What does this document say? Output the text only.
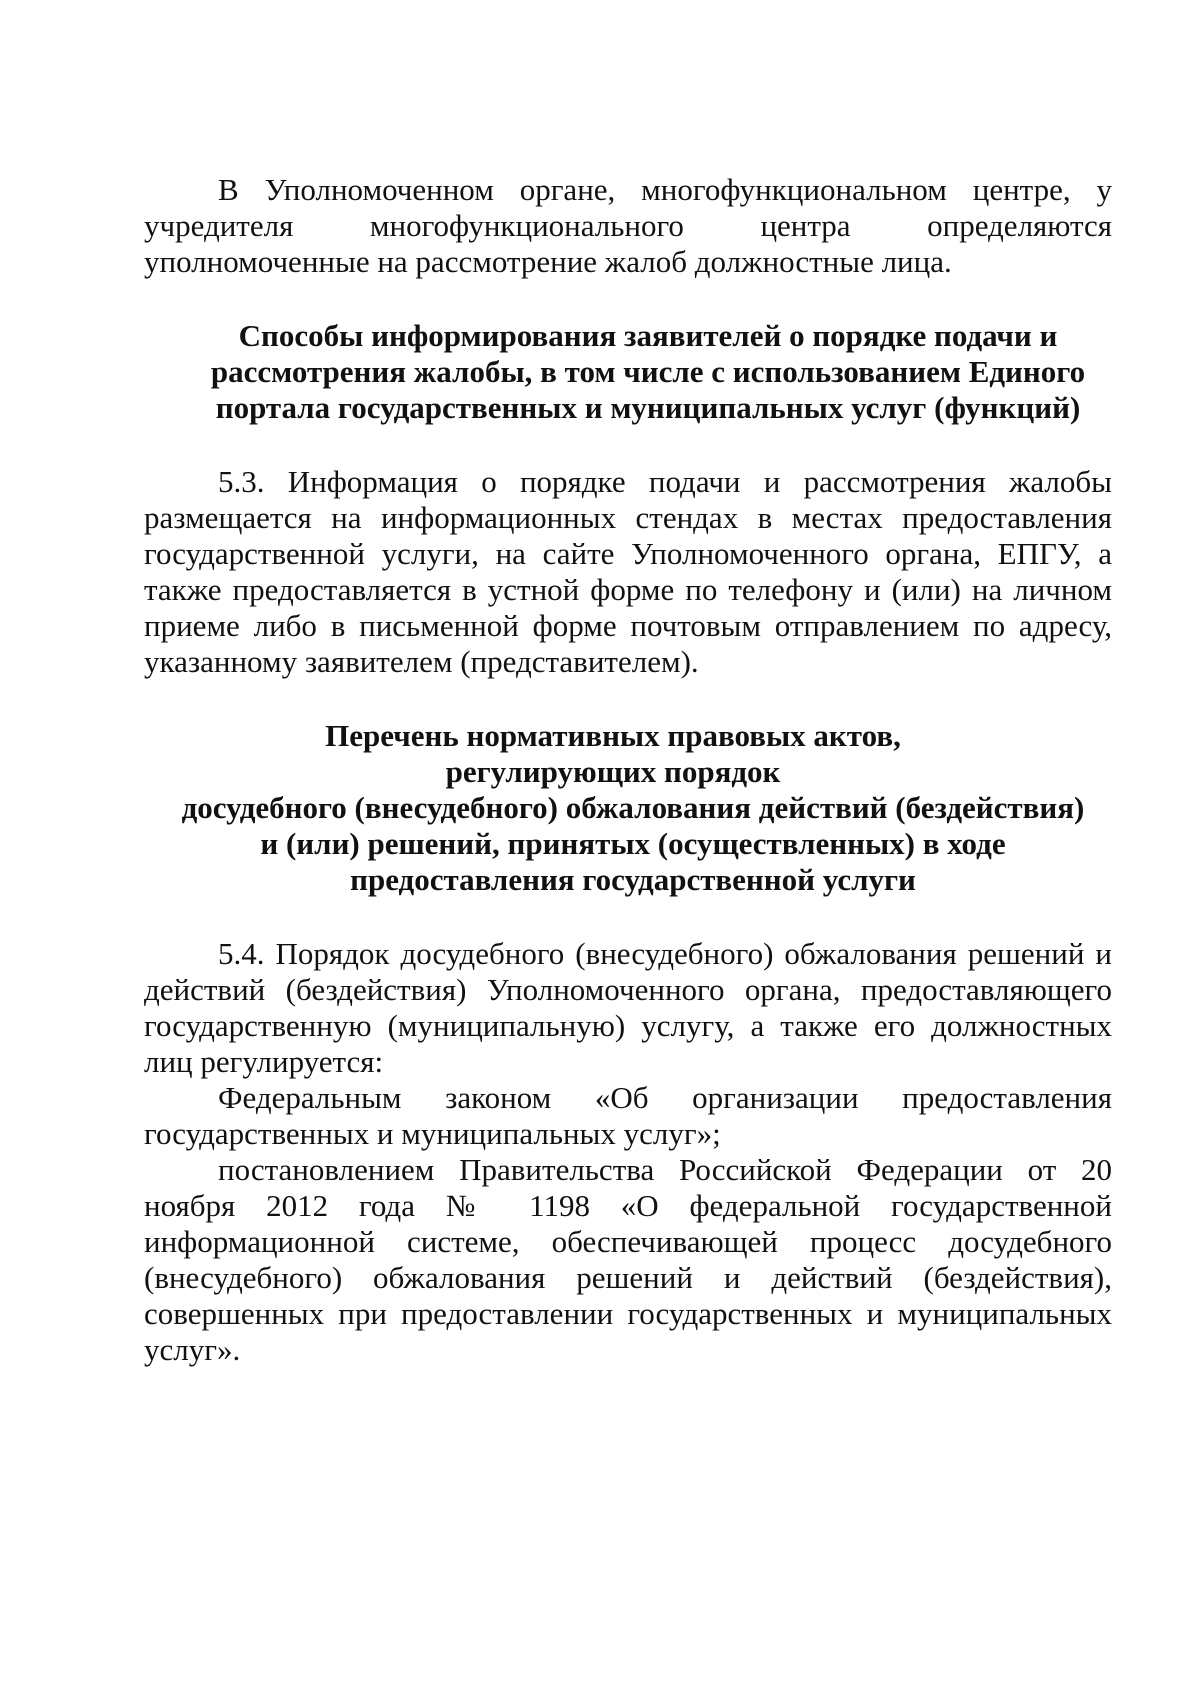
В Уполномоченном органе, многофункциональном центре, у учредителя многофункционального центра определяются уполномоченные на рассмотрение жалоб должностные лица.

Способы информирования заявителей о порядке подачи и рассмотрения жалобы, в том числе с использованием Единого портала государственных и муниципальных услуг (функций)

5.3. Информация о порядке подачи и рассмотрения жалобы размещается на информационных стендах в местах предоставления государственной услуги, на сайте Уполномоченного органа, ЕПГУ, а также предоставляется в устной форме по телефону и (или) на личном приеме либо в письменной форме почтовым отправлением по адресу, указанному заявителем (представителем).

Перечень нормативных правовых актов, регулирующих порядок
досудебного (внесудебного) обжалования действий (бездействия) и (или) решений, принятых (осуществленных) в ходе предоставления государственной услуги

5.4. Порядок досудебного (внесудебного) обжалования решений и действий (бездействия) Уполномоченного органа, предоставляющего государственную (муниципальную) услугу, а также его должностных лиц регулируется:

Федеральным законом «Об организации предоставления государственных и муниципальных услуг»;

постановлением Правительства Российской Федерации от 20 ноября 2012 года № 1198 «О федеральной государственной информационной системе, обеспечивающей процесс досудебного (внесудебного) обжалования решений и действий (бездействия), совершенных при предоставлении государственных и муниципальных услуг».
